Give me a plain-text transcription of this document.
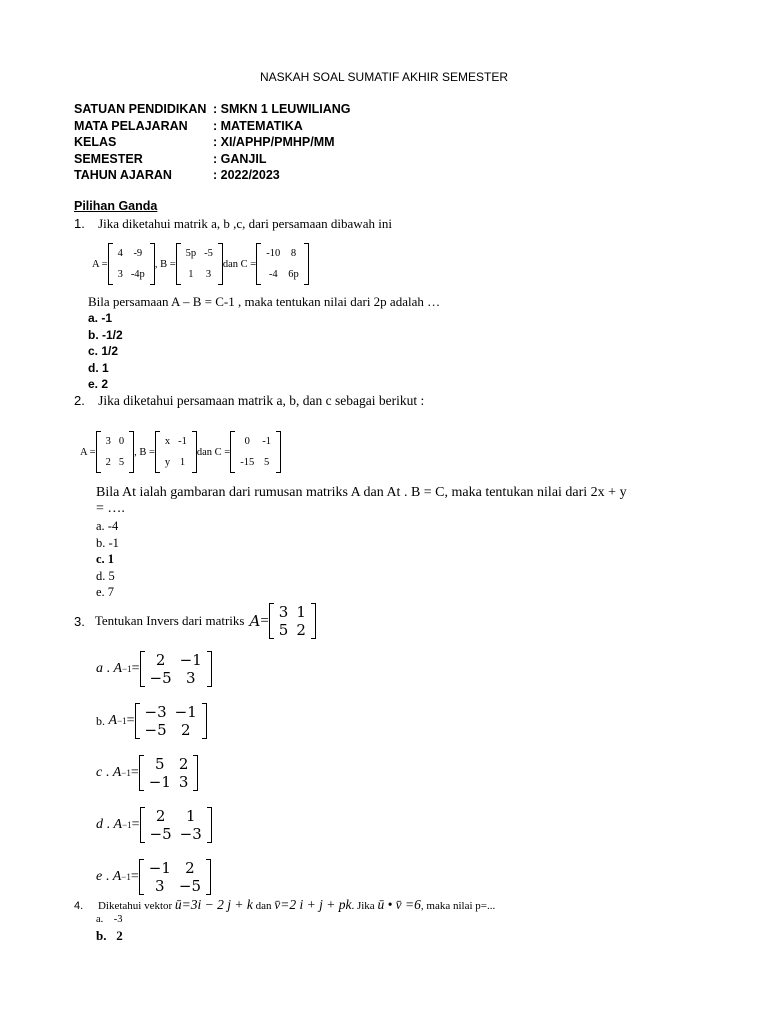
NASKAH SOAL SUMATIF AKHIR SEMESTER
SATUAN PENDIDIKAN : SMKN 1 LEUWILIANG
MATA PELAJARAN : MATEMATIKA
KELAS	: XI/APHP/PMHP/MM
SEMESTER	: GANJIL
TAHUN AJARAN	: 2022/2023
Pilihan Ganda
1. Jika diketahui matrik a, b ,c, dari persamaan dibawah ini
A =
4	-9
3	-4p
, B =
5p	-5
1	3
dan C =
-10	8
-4	6p
Bila persamaan A – B = C-1 , maka tentukan nilai dari 2p adalah …
a. -1
b. -1/2
c. 1/2
d. 1
e. 2
2. Jika diketahui persamaan matrik a, b, dan c sebagai berikut :
A =
3	0
2	5
, B =
x	-1
y	1
dan C =
0	-1
-15	5
Bila At ialah gambaran dari rumusan matriks A dan At . B = C, maka tentukan nilai dari 2x + y
= ….
a. -4
b. -1
c. 1
d. 5
e. 7
3. Tentukan Invers dari matriks A = 3	1
5	2
a . A −1 = 2	−1
−5	3
b.
A −1 = −3	−1
−5	2
c . A −1 = 5	2
−1	3
d . A −1 = 2	1
−5	−3
e . A −1 = −1	2
3	−5
4. Diketahui vektor ū=3i − 2 j + k dan v̄=2 i + j + pk. Jika ū • v̄ =6, maka nilai p=...
a.    -3
b.   2
